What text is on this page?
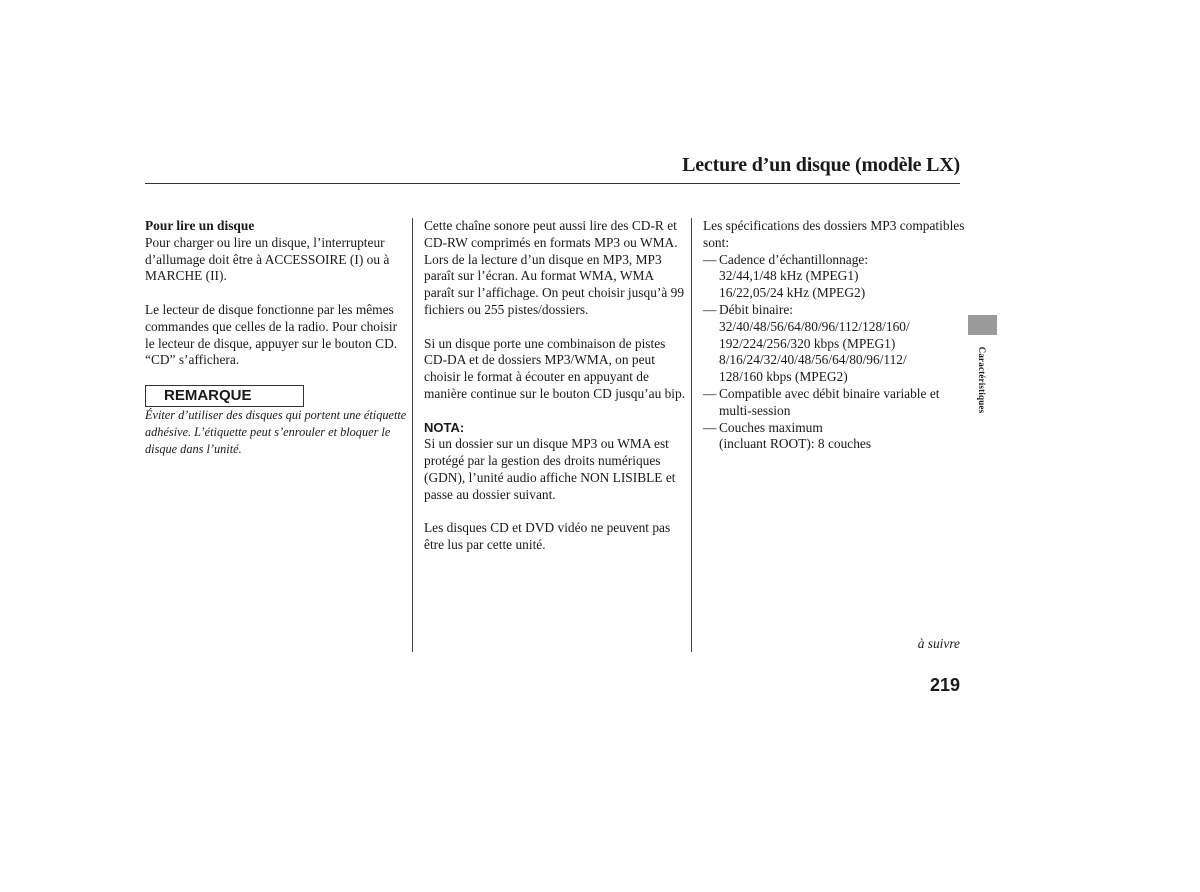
Lecture d’un disque (modèle LX)

Pour lire un disque

Pour charger ou lire un disque, l’interrupteur d’allumage doit être à ACCESSOIRE (I) ou à MARCHE (II).

Le lecteur de disque fonctionne par les mêmes commandes que celles de la radio. Pour choisir le lecteur de disque, appuyer sur le bouton CD. “CD” s’affichera.

REMARQUE

Éviter d’utiliser des disques qui portent une étiquette adhésive. L’étiquette peut s’enrouler et bloquer le disque dans l’unité.

Cette chaîne sonore peut aussi lire des CD-R et CD-RW comprimés en formats MP3 ou WMA. Lors de la lecture d’un disque en MP3, MP3 paraît sur l’écran. Au format WMA, WMA paraît sur l’affichage. On peut choisir jusqu’à 99 fichiers ou 255 pistes/dossiers.

Si un disque porte une combinaison de pistes CD-DA et de dossiers MP3/WMA, on peut choisir le format à écouter en appuyant de manière continue sur le bouton CD jusqu’au bip.

NOTA:

Si un dossier sur un disque MP3 ou WMA est protégé par la gestion des droits numériques (GDN), l’unité audio affiche NON LISIBLE et passe au dossier suivant.

Les disques CD et DVD vidéo ne peuvent pas être lus par cette unité.

Les spécifications des dossiers MP3 compatibles sont:

— Cadence d’échantillonnage:
32/44,1/48 kHz (MPEG1)
16/22,05/24 kHz (MPEG2)
— Débit binaire:
32/40/48/56/64/80/96/112/128/160/
192/224/256/320 kbps (MPEG1)
8/16/24/32/40/48/56/64/80/96/112/
128/160 kbps (MPEG2)
— Compatible avec débit binaire variable et
multi-session
— Couches maximum
(incluant ROOT): 8 couches
à suivre
219
Caractéristiques
